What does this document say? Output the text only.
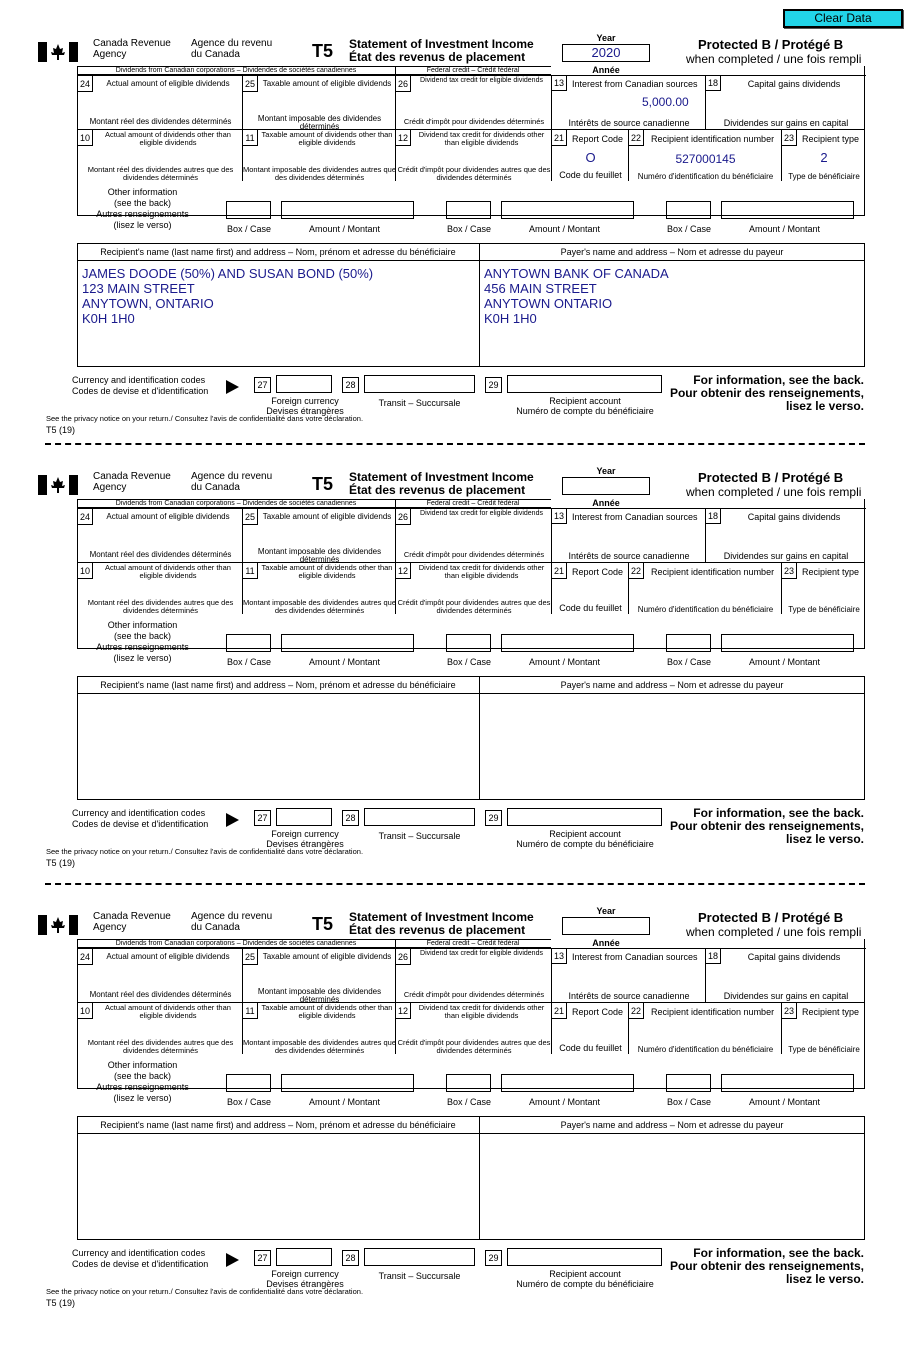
Clear Data
Canada Revenue
Agency
Agence du revenu
du Canada	T5 Statement of Investment Income
État des revenus de placement
Year
2020
Année
Protected B / Protégé B
when completed / une fois rempli
Dividends from Canadian corporations – Dividendes de sociétés canadiennes	Federal credit – Crédit fédéral
24	Actual amount of eligible dividends
Montant réel des dividendes déterminés
25 Taxable amount of eligible dividends
Montant imposable des dividendes déterminés
26	Dividend tax credit for eligible dividends
Crédit d'impôt pour dividendes déterminés
13 Interest from Canadian sources
5,000.00
Intérêts de source canadienne
18	Capital gains dividends
Dividendes sur gains en capital
10	Actual amount of dividends other than eligible dividends
Montant réel des dividendes autres que des dividendes déterminés
11 Taxable amount of dividends other than eligible dividends
Montant imposable des dividendes autres que des dividendes déterminés
12	Dividend tax credit for dividends other than eligible dividends
Crédit d'impôt pour dividendes autres que des dividendes déterminés
21 Report Code
O
Code du feuillet
22	Recipient identification number
527000145
Numéro d'identification du bénéficiaire
23 Recipient type
2
Type de bénéficiaire
Other information
(see the back)
Autres renseignements
(lisez le verso)	Box / Case	Amount / Montant	Box / Case	Amount / Montant	Box / Case	Amount / Montant
Recipient's name (last name first) and address – Nom, prénom et adresse du bénéficiaire	Payer's name and address – Nom et adresse du payeur
JAMES DOODE (50%) AND SUSAN BOND (50%)
123 MAIN STREET
ANYTOWN, ONTARIO
K0H 1H0
ANYTOWN BANK OF CANADA
456 MAIN STREET
ANYTOWN ONTARIO
K0H 1H0
Currency and identification codes
Codes de devise et d'identification
27	28	29
Foreign currency
Devises étrangères
Transit – Succursale	Recipient account
Numéro de compte du bénéficiaire
For information, see the back.
Pour obtenir des renseignements,
lisez le verso.
See the privacy notice on your return./ Consultez l'avis de confidentialité dans votre déclaration.
T5 (19)
Canada Revenue
Agency
Agence du revenu
du Canada	T5 Statement of Investment Income
État des revenus de placement
Year
Année
Protected B / Protégé B
when completed / une fois rempli
Dividends from Canadian corporations – Dividendes de sociétés canadiennes	Federal credit – Crédit fédéral
24	Actual amount of eligible dividends
Montant réel des dividendes déterminés
25 Taxable amount of eligible dividends
Montant imposable des dividendes déterminés
26	Dividend tax credit for eligible dividends
Crédit d'impôt pour dividendes déterminés
13 Interest from Canadian sources
Intérêts de source canadienne
18	Capital gains dividends
Dividendes sur gains en capital
10	Actual amount of dividends other than eligible dividends
Montant réel des dividendes autres que des dividendes déterminés
11 Taxable amount of dividends other than eligible dividends
Montant imposable des dividendes autres que des dividendes déterminés
12	Dividend tax credit for dividends other than eligible dividends
Crédit d'impôt pour dividendes autres que des dividendes déterminés
21 Report Code
Code du feuillet
22	Recipient identification number
Numéro d'identification du bénéficiaire
23 Recipient type
Type de bénéficiaire
Other information
(see the back)
Autres renseignements
(lisez le verso)	Box / Case	Amount / Montant	Box / Case	Amount / Montant	Box / Case	Amount / Montant
Recipient's name (last name first) and address – Nom, prénom et adresse du bénéficiaire	Payer's name and address – Nom et adresse du payeur
Currency and identification codes
Codes de devise et d'identification
27	28	29
Foreign currency
Devises étrangères
Transit – Succursale	Recipient account
Numéro de compte du bénéficiaire
For information, see the back.
Pour obtenir des renseignements,
lisez le verso.
See the privacy notice on your return./ Consultez l'avis de confidentialité dans votre déclaration.
T5 (19)
Canada Revenue
Agency
Agence du revenu
du Canada	T5 Statement of Investment Income
État des revenus de placement
Year
Année
Protected B / Protégé B
when completed / une fois rempli
Dividends from Canadian corporations – Dividendes de sociétés canadiennes	Federal credit – Crédit fédéral
24	Actual amount of eligible dividends
Montant réel des dividendes déterminés
25 Taxable amount of eligible dividends
Montant imposable des dividendes déterminés
26	Dividend tax credit for eligible dividends
Crédit d'impôt pour dividendes déterminés
13 Interest from Canadian sources
Intérêts de source canadienne
18	Capital gains dividends
Dividendes sur gains en capital
10	Actual amount of dividends other than eligible dividends
Montant réel des dividendes autres que des dividendes déterminés
11 Taxable amount of dividends other than eligible dividends
Montant imposable des dividendes autres que des dividendes déterminés
12	Dividend tax credit for dividends other than eligible dividends
Crédit d'impôt pour dividendes autres que des dividendes déterminés
21 Report Code
Code du feuillet
22	Recipient identification number
Numéro d'identification du bénéficiaire
23 Recipient type
Type de bénéficiaire
Other information
(see the back)
Autres renseignements
(lisez le verso)	Box / Case	Amount / Montant	Box / Case	Amount / Montant	Box / Case	Amount / Montant
Recipient's name (last name first) and address – Nom, prénom et adresse du bénéficiaire	Payer's name and address – Nom et adresse du payeur
Currency and identification codes
Codes de devise et d'identification
27	28	29
Foreign currency
Devises étrangères
Transit – Succursale	Recipient account
Numéro de compte du bénéficiaire
For information, see the back.
Pour obtenir des renseignements,
lisez le verso.
See the privacy notice on your return./ Consultez l'avis de confidentialité dans votre déclaration.
T5 (19)
